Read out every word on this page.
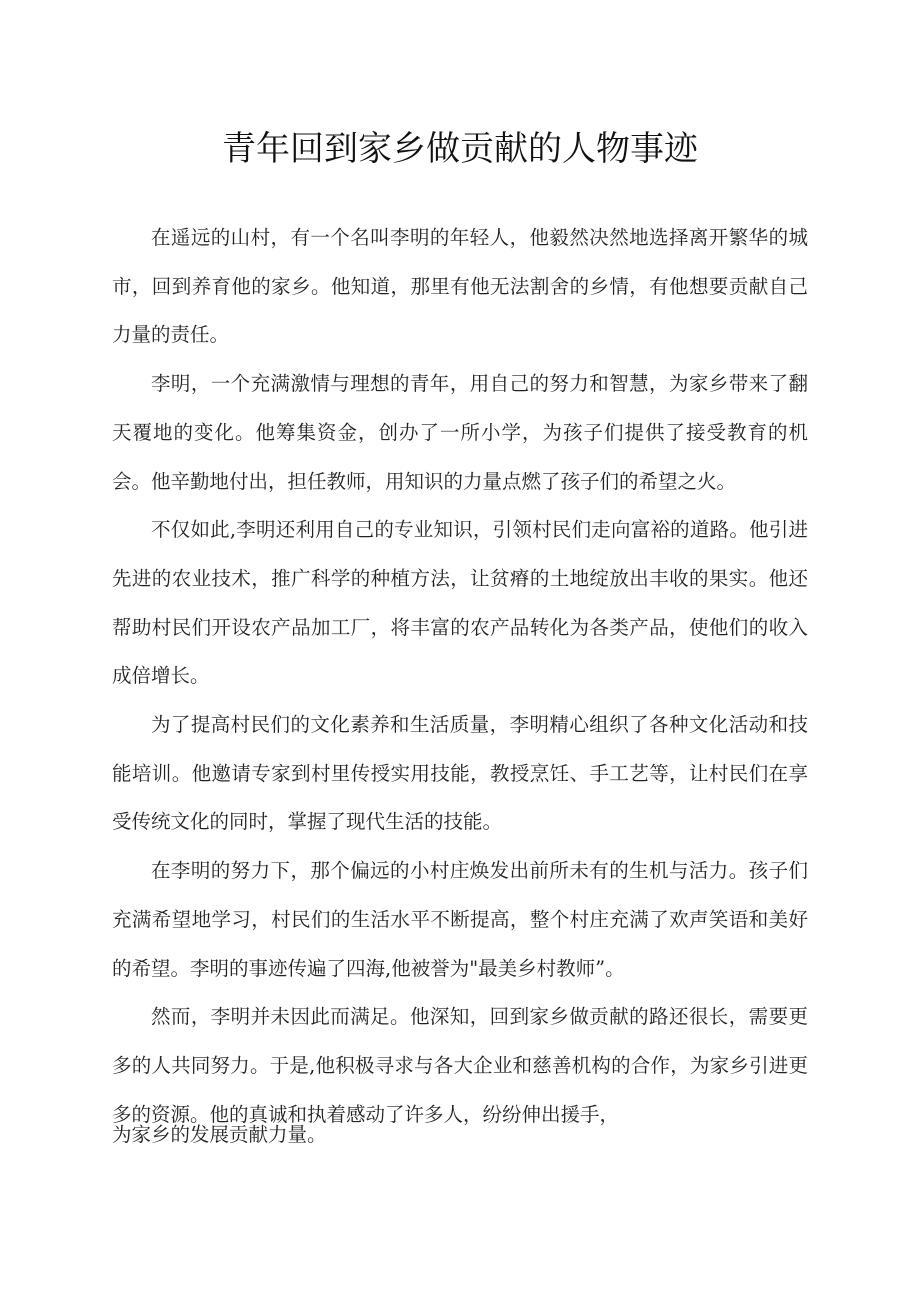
青年回到家乡做贡献的人物事迹

在遥远的山村，有一个名叫李明的年轻人，他毅然决然地选择离开繁华的城市，回到养育他的家乡。他知道，那里有他无法割舍的乡情，有他想要贡献自己力量的责任。

李明，一个充满激情与理想的青年，用自己的努力和智慧，为家乡带来了翻天覆地的变化。他筹集资金，创办了一所小学，为孩子们提供了接受教育的机会。他辛勤地付出，担任教师，用知识的力量点燃了孩子们的希望之火。

不仅如此,李明还利用自己的专业知识，引领村民们走向富裕的道路。他引进先进的农业技术，推广科学的种植方法，让贫瘠的土地绽放出丰收的果实。他还帮助村民们开设农产品加工厂，将丰富的农产品转化为各类产品，使他们的收入成倍增长。

为了提高村民们的文化素养和生活质量，李明精心组织了各种文化活动和技能培训。他邀请专家到村里传授实用技能，教授烹饪、手工艺等，让村民们在享受传统文化的同时，掌握了现代生活的技能。

在李明的努力下，那个偏远的小村庄焕发出前所未有的生机与活力。孩子们充满希望地学习，村民们的生活水平不断提高，整个村庄充满了欢声笑语和美好的希望。李明的事迹传遍了四海,他被誉为"最美乡村教师”。

然而，李明并未因此而满足。他深知，回到家乡做贡献的路还很长，需要更多的人共同努力。于是,他积极寻求与各大企业和慈善机构的合作，为家乡引进更多的资源。他的真诚和执着感动了许多人，纷纷伸出援手，

为家乡的发展贡献力量。
